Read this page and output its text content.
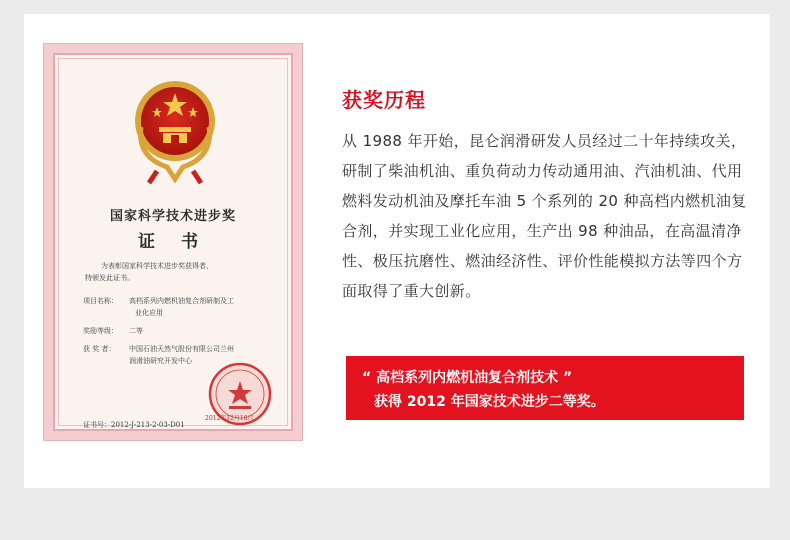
国家科学技术进步奖
证 书
为表彰国家科学技术进步奖获得者，
特颁发此证书。
项目名称： 高档系列内燃机油复合剂研制及工
业化应用
奖励等级： 二等
获 奖 者： 中国石油天然气股份有限公司兰州
润滑油研究开发中心
2012年12月18日
证书号：2012-J-213-2-03-D01
获奖历程
从 1988 年开始，昆仑润滑研发人员经过二十年持续攻关，研制了柴油机油、重负荷动力传动通用油、汽油机油、代用燃料发动机油及摩托车油 5 个系列的 20 种高档内燃机油复合剂，并实现工业化应用，生产出 98 种油品，在高温清净性、极压抗磨性、燃油经济性、评价性能模拟方法等四个方面取得了重大创新。
“ 高档系列内燃机油复合剂技术 ”
获得 2012 年国家技术进步二等奖。
